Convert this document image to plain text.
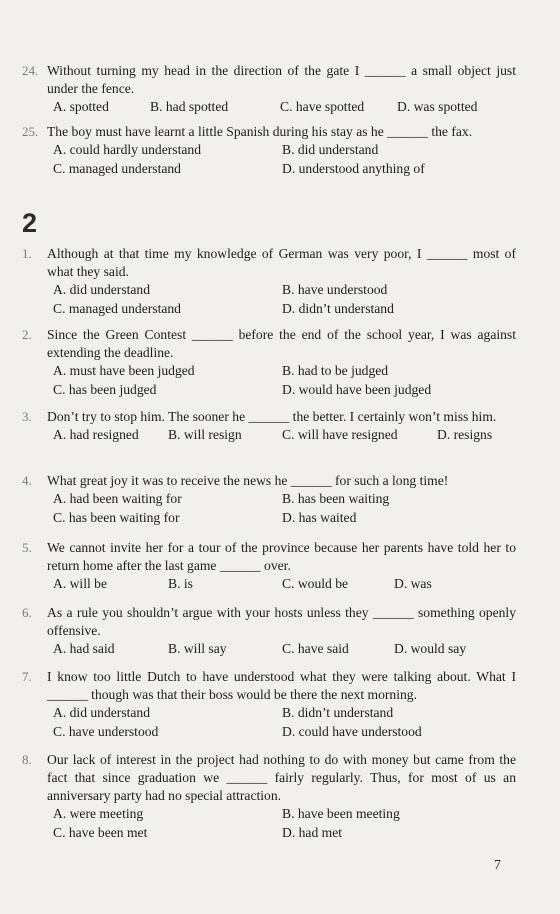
24. Without turning my head in the direction of the gate I ______ a small object just under the fence.
A. spotted	B. had spotted	C. have spotted D. was spotted
25. The boy must have learnt a little Spanish during his stay as he ______ the fax.
A. could hardly understand	B. did understand
C. managed understand	D. understood anything of
2
1.	Although at that time my knowledge of German was very poor, I ______ most of what they said.
A. did understand	B. have understood
C. managed understand	D. didn’t understand
2.	Since the Green Contest ______ before the end of the school year, I was against extending the deadline.
A. must have been judged	B. had to be judged
C. has been judged	D. would have been judged
3.	Don’t try to stop him. The sooner he ______ the better. I certainly won’t miss him.
A. had resigned B. will resign	C. will have resigned	D. resigns
4.	What great joy it was to receive the news he ______ for such a long time!
A. had been waiting for	B. has been waiting
C. has been waiting for	D. has waited
5.	We cannot invite her for a tour of the province because her parents have told her to return home after the last game ______ over.
A. will be	B. is	C. would be	D. was
6.	As a rule you shouldn’t argue with your hosts unless they ______ something openly offensive.
A. had said	B. will say	C. have said	D. would say
7.	I know too little Dutch to have understood what they were talking about. What I ______ though was that their boss would be there the next morning.
A. did understand	B. didn’t understand
C. have understood	D. could have understood
8.	Our lack of interest in the project had nothing to do with money but came from the fact that since graduation we ______ fairly regularly. Thus, for most of us an anniversary party had no special attraction.
A. were meeting	B. have been meeting
C. have been met	D. had met
7
